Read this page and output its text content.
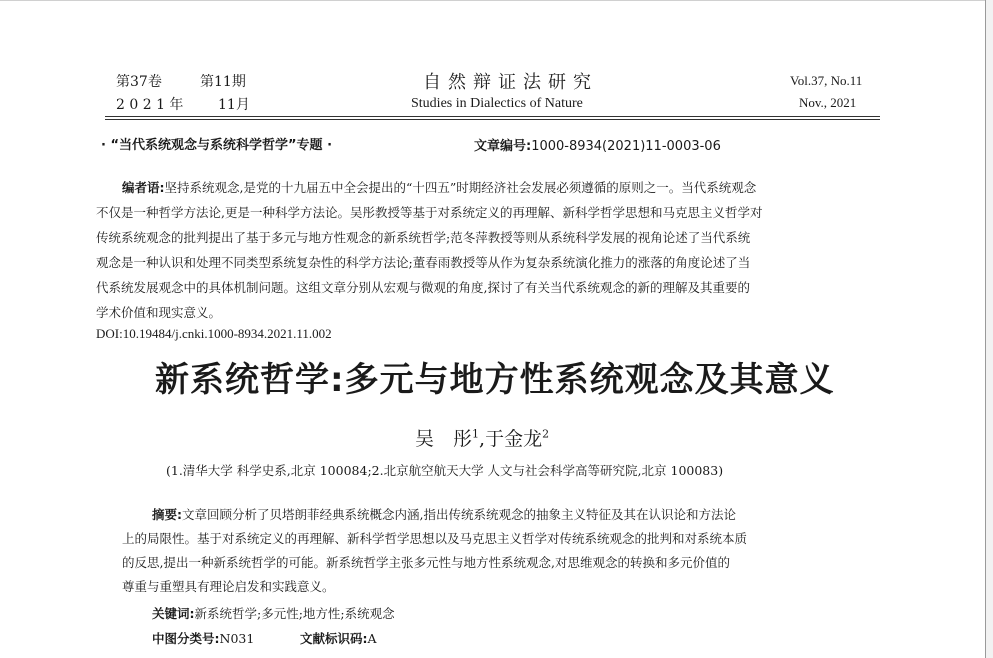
第37卷	第11期
2 0 2 1 年 11月
自然辩证法研究
Studies in Dialectics of Nature
Vol.37, No.11
Nov., 2021
· “当代系统观念与系统科学哲学”专题 ·	文章编号:1000-8934(2021)11-0003-06

编者语:坚持系统观念,是党的十九届五中全会提出的“十四五”时期经济社会发展必须遵循的原则之一。当代系统观念

不仅是一种哲学方法论,更是一种科学方法论。吴彤教授等基于对系统定义的再理解、新科学哲学思想和马克思主义哲学对

传统系统观念的批判提出了基于多元与地方性观念的新系统哲学;范冬萍教授等则从系统科学发展的视角论述了当代系统

观念是一种认识和处理不同类型系统复杂性的科学方法论;董春雨教授等从作为复杂系统演化推力的涨落的角度论述了当

代系统发展观念中的具体机制问题。这组文章分别从宏观与微观的角度,探讨了有关当代系统观念的新的理解及其重要的

学术价值和现实意义。

DOI:10.19484/j.cnki.1000-8934.2021.11.002
新系统哲学:多元与地方性系统观念及其意义
吴　彤$^1$,于金龙$^2$
(1.清华大学 科学史系,北京 100084;2.北京航空航天大学 人文与社会科学高等研究院,北京 100083)

摘要:文章回顾分析了贝塔朗菲经典系统概念内涵,指出传统系统观念的抽象主义特征及其在认识论和方法论

上的局限性。基于对系统定义的再理解、新科学哲学思想以及马克思主义哲学对传统系统观念的批判和对系统本质

的反思,提出一种新系统哲学的可能。新系统哲学主张多元性与地方性系统观念,对思维观念的转换和多元价值的

尊重与重塑具有理论启发和实践意义。

关键词:新系统哲学;多元性;地方性;系统观念
中图分类号:N031	文献标识码:A
